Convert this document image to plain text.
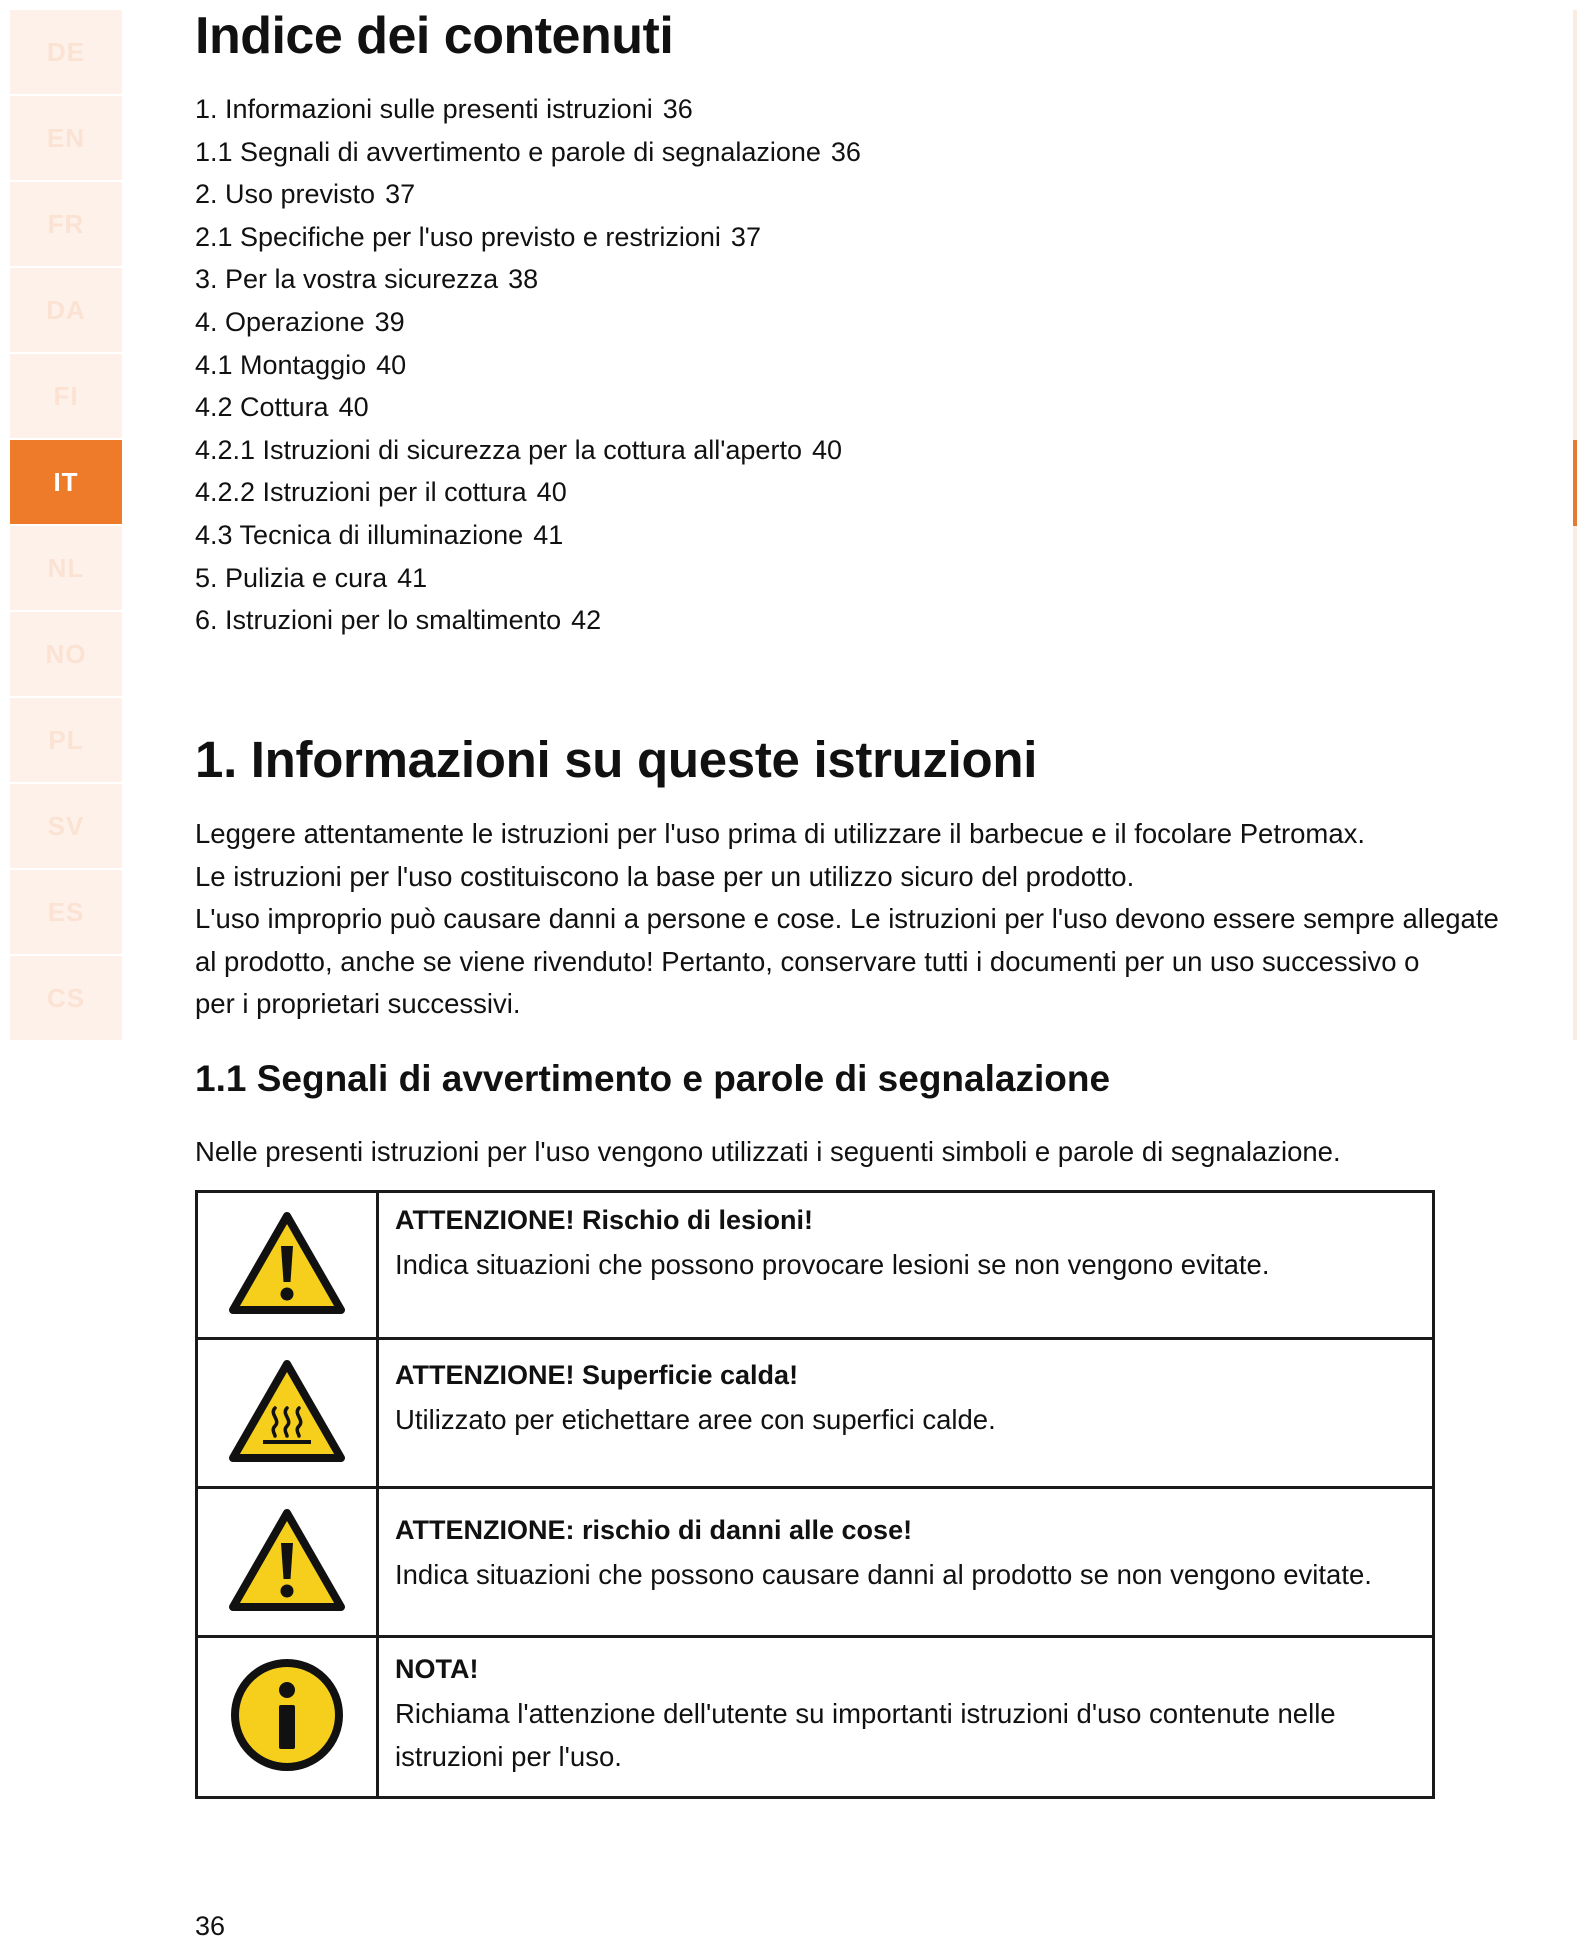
DE
EN
FR
DA
FI
IT
NL
NO
PL
SV
ES
CS
Indice dei contenuti
1. Informazioni sulle presenti istruzioni 36
1.1 Segnali di avvertimento e parole di segnalazione 36
2. Uso previsto 37
2.1 Specifiche per l'uso previsto e restrizioni 37
3. Per la vostra sicurezza 38
4. Operazione 39
4.1 Montaggio 40
4.2 Cottura 40
4.2.1 Istruzioni di sicurezza per la cottura all'aperto 40
4.2.2 Istruzioni per il cottura 40
4.3 Tecnica di illuminazione 41
5. Pulizia e cura 41
6. Istruzioni per lo smaltimento 42
1. Informazioni su queste istruzioni

Leggere attentamente le istruzioni per l'uso prima di utilizzare il barbecue e il focolare Petromax.
Le istruzioni per l'uso costituiscono la base per un utilizzo sicuro del prodotto.
L'uso improprio può causare danni a persone e cose. Le istruzioni per l'uso devono essere sempre allegate
al prodotto, anche se viene rivenduto! Pertanto, conservare tutti i documenti per un uso successivo o
per i proprietari successivi.

1.1 Segnali di avvertimento e parole di segnalazione

Nelle presenti istruzioni per l'uso vengono utilizzati i seguenti simboli e parole di segnalazione.

ATTENZIONE! Rischio di lesioni!
Indica situazioni che possono provocare lesioni se non vengono evitate.

ATTENZIONE! Superficie calda!
Utilizzato per etichettare aree con superfici calde.

ATTENZIONE: rischio di danni alle cose!
Indica situazioni che possono causare danni al prodotto se non vengono evitate.

NOTA!
Richiama l'attenzione dell'utente su importanti istruzioni d'uso contenute nelle istruzioni per l'uso.
36
